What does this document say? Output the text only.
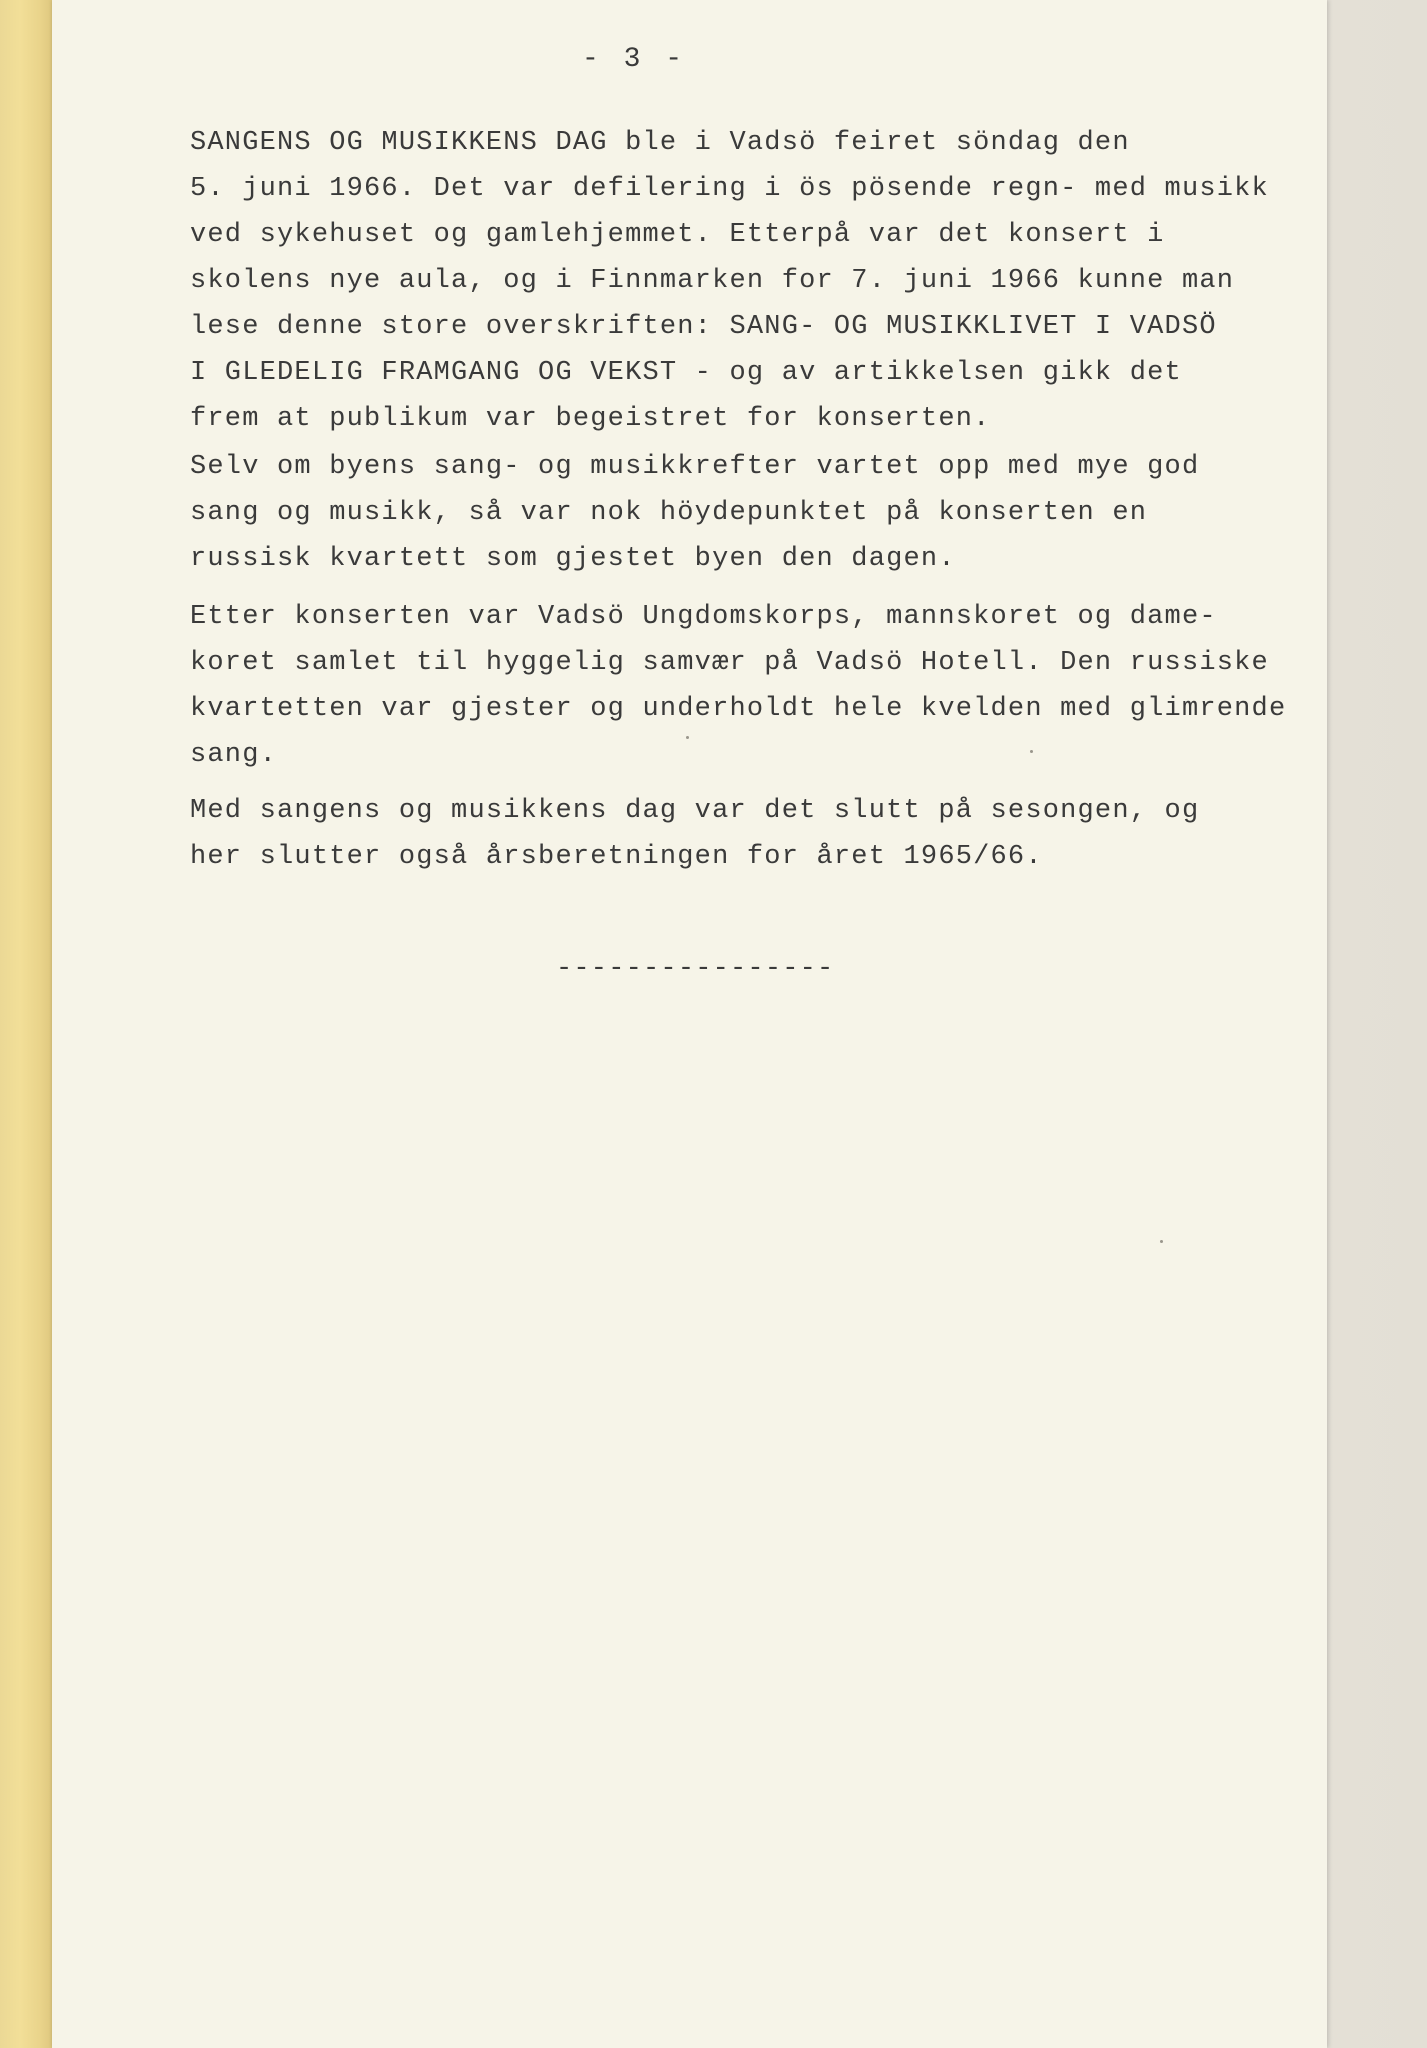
- 3 -
SANGENS OG MUSIKKENS DAG ble i Vadsö feiret söndag den
5. juni 1966. Det var defilering i ös pösende regn- med musikk
ved sykehuset og gamlehjemmet. Etterpå var det konsert i
skolens nye aula, og i Finnmarken for 7. juni 1966 kunne man
lese denne store overskriften: SANG- OG MUSIKKLIVET I VADSÖ
I GLEDELIG FRAMGANG OG VEKST - og av artikkelsen gikk det
frem at publikum var begeistret for konserten.
Selv om byens sang- og musikkrefter vartet opp med mye god
sang og musikk, så var nok höydepunktet på konserten en
russisk kvartett som gjestet byen den dagen.
Etter konserten var Vadsö Ungdomskorps, mannskoret og dame-
koret samlet til hyggelig samvær på Vadsö Hotell. Den russiske
kvartetten var gjester og underholdt hele kvelden med glimrende
sang.
Med sangens og musikkens dag var det slutt på sesongen, og
her slutter også årsberetningen for året 1965/66.
----------------
